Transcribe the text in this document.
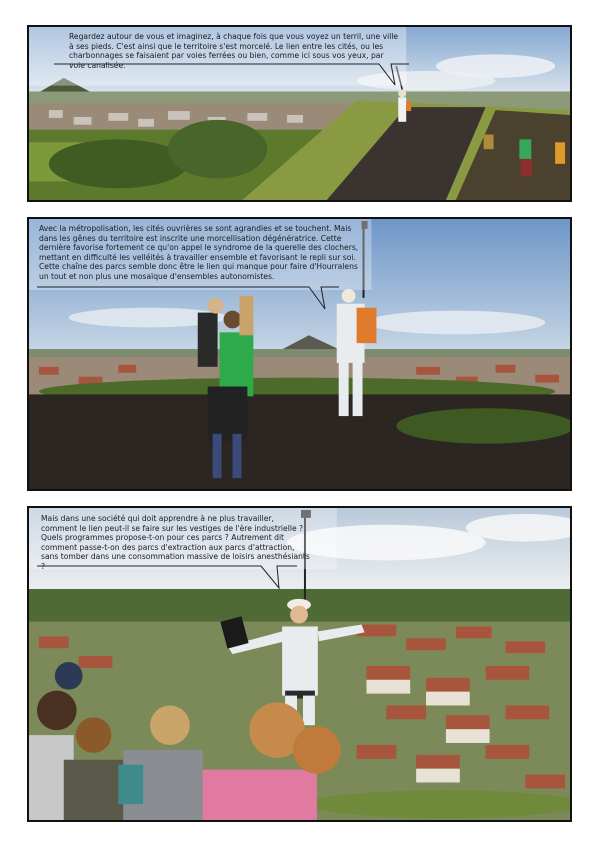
Regardez autour de vous et imaginez, à chaque fois que vous voyez un terril, une ville à ses pieds. C'est ainsi que le territoire s'est morcelé. Le lien entre les cités, ou les charbonnages se faisaient par voies ferrées ou bien, comme ici sous vos yeux, par voie canalisée.

Avec la métropolisation, les cités ouvrières se sont agrandies et se touchent. Mais dans les gênes du territoire est inscrite une morcellisation dégénératrice. Cette dernière favorise fortement ce qu'on appel le syndrome de la querelle des clochers, mettant en difficulté les velléités à travailler ensemble et favorisant le repli sur soi. Cette chaîne des parcs semble donc être le lien qui manque pour faire d'Hourralens un tout et non plus une mosaïque d'ensembles autonomistes.

Mais dans une société qui doit apprendre à ne plus travailler, comment le lien peut-il se faire sur les vestiges de l'ère industrielle ? Quels programmes propose-t-on pour ces parcs ? Autrement dit comment passe-t-on des parcs d'extraction aux parcs d'attraction, sans tomber dans une consommation massive de loisirs anesthésiants ?
